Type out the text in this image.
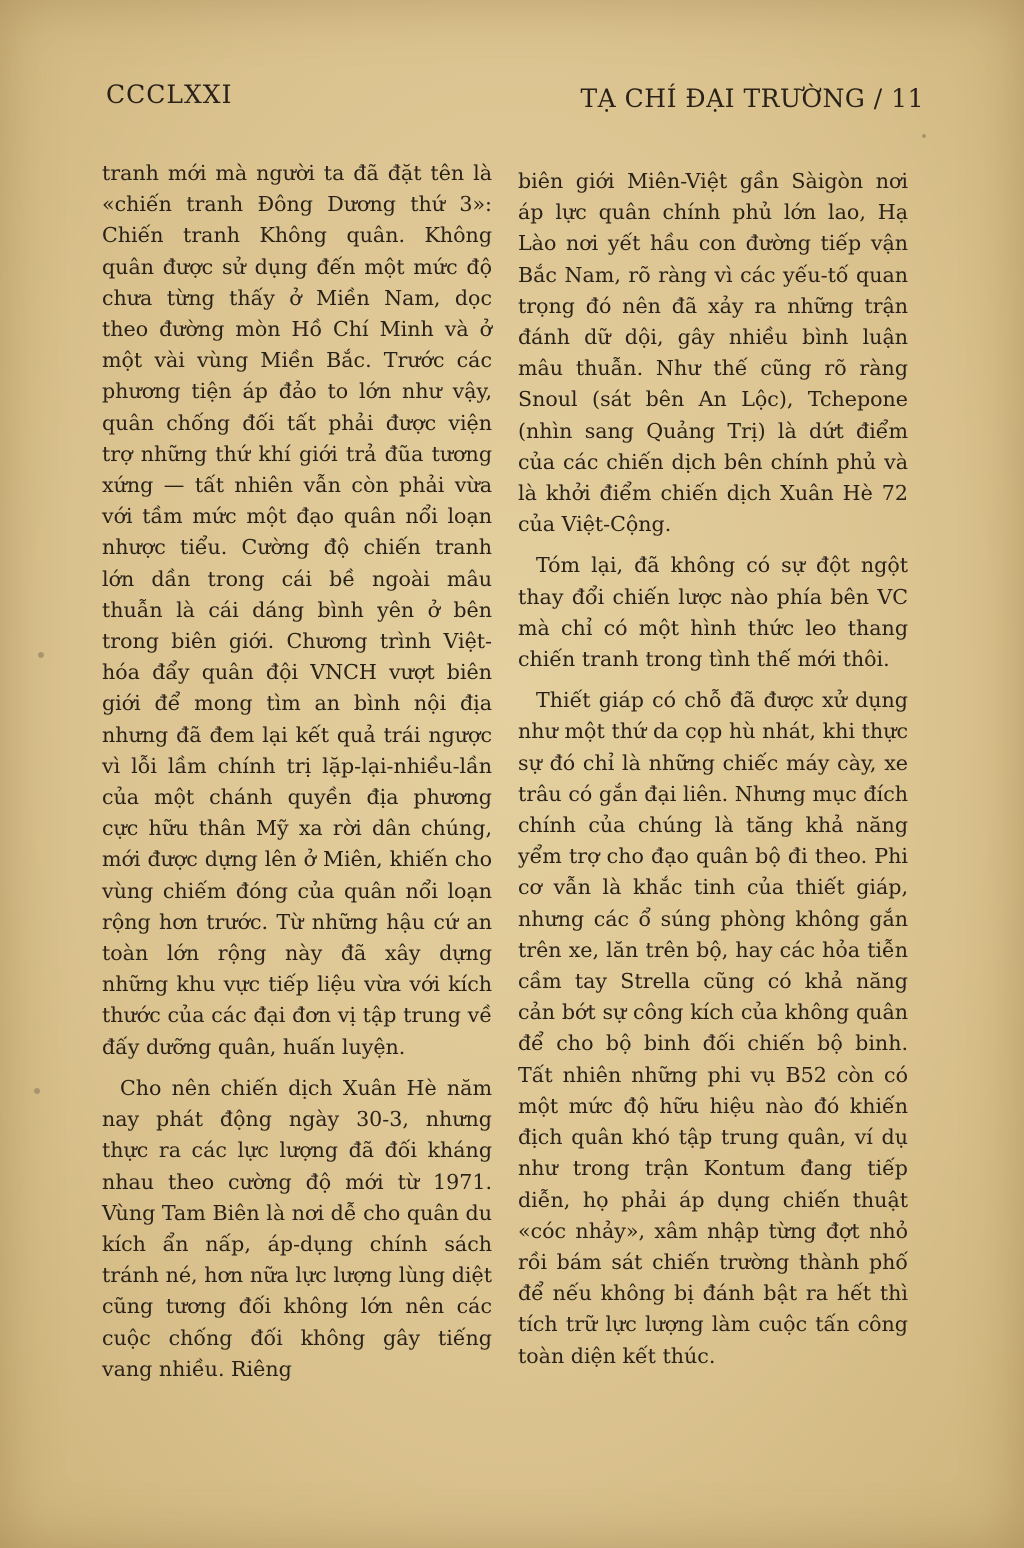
CCCLXXI	TẠ CHÍ ĐẠI TRƯỜNG / 11

tranh mới mà người ta đã đặt tên là «chiến tranh Đông Dương thứ 3»: Chiến tranh Không quân. Không quân được sử dụng đến một mức độ chưa từng thấy ở Miền Nam, dọc theo đường mòn Hồ Chí Minh và ở một vài vùng Miền Bắc. Trước các phương tiện áp đảo to lớn như vậy, quân chống đối tất phải được viện trợ những thứ khí giới trả đũa tương xứng — tất nhiên vẫn còn phải vừa với tầm mức một đạo quân nổi loạn nhược tiểu. Cường độ chiến tranh lớn dần trong cái bề ngoài mâu thuẫn là cái dáng bình yên ở bên trong biên giới. Chương trình Việt-hóa đẩy quân đội VNCH vượt biên giới để mong tìm an bình nội địa nhưng đã đem lại kết quả trái ngược vì lỗi lầm chính trị lặp-lại-nhiều-lần của một chánh quyền địa phương cực hữu thân Mỹ xa rời dân chúng, mới được dựng lên ở Miên, khiến cho vùng chiếm đóng của quân nổi loạn rộng hơn trước. Từ những hậu cứ an toàn lớn rộng này đã xây dựng những khu vực tiếp liệu vừa với kích thước của các đại đơn vị tập trung về đấy dưỡng quân, huấn luyện.

Cho nên chiến dịch Xuân Hè năm nay phát động ngày 30-3, nhưng thực ra các lực lượng đã đối kháng nhau theo cường độ mới từ 1971. Vùng Tam Biên là nơi dễ cho quân du kích ẩn nấp, áp-dụng chính sách tránh né, hơn nữa lực lượng lùng diệt cũng tương đối không lớn nên các cuộc chống đối không gây tiếng vang nhiều. Riêng

biên giới Miên-Việt gần Sàigòn nơi áp lực quân chính phủ lớn lao, Hạ Lào nơi yết hầu con đường tiếp vận Bắc Nam, rõ ràng vì các yếu-tố quan trọng đó nên đã xảy ra những trận đánh dữ dội, gây nhiều bình luận mâu thuẫn. Như thế cũng rõ ràng Snoul (sát bên An Lộc), Tchepone (nhìn sang Quảng Trị) là dứt điểm của các chiến dịch bên chính phủ và là khởi điểm chiến dịch Xuân Hè 72 của Việt-Cộng.

Tóm lại, đã không có sự đột ngột thay đổi chiến lược nào phía bên VC mà chỉ có một hình thức leo thang chiến tranh trong tình thế mới thôi.

Thiết giáp có chỗ đã được xử dụng như một thứ da cọp hù nhát, khi thực sự đó chỉ là những chiếc máy cày, xe trâu có gắn đại liên. Nhưng mục đích chính của chúng là tăng khả năng yểm trợ cho đạo quân bộ đi theo. Phi cơ vẫn là khắc tinh của thiết giáp, nhưng các ổ súng phòng không gắn trên xe, lăn trên bộ, hay các hỏa tiễn cầm tay Strella cũng có khả năng cản bớt sự công kích của không quân để cho bộ binh đối chiến bộ binh. Tất nhiên những phi vụ B52 còn có một mức độ hữu hiệu nào đó khiến địch quân khó tập trung quân, ví dụ như trong trận Kontum đang tiếp diễn, họ phải áp dụng chiến thuật «cóc nhảy», xâm nhập từng đợt nhỏ rồi bám sát chiến trường thành phố để nếu không bị đánh bật ra hết thì tích trữ lực lượng làm cuộc tấn công toàn diện kết thúc.
